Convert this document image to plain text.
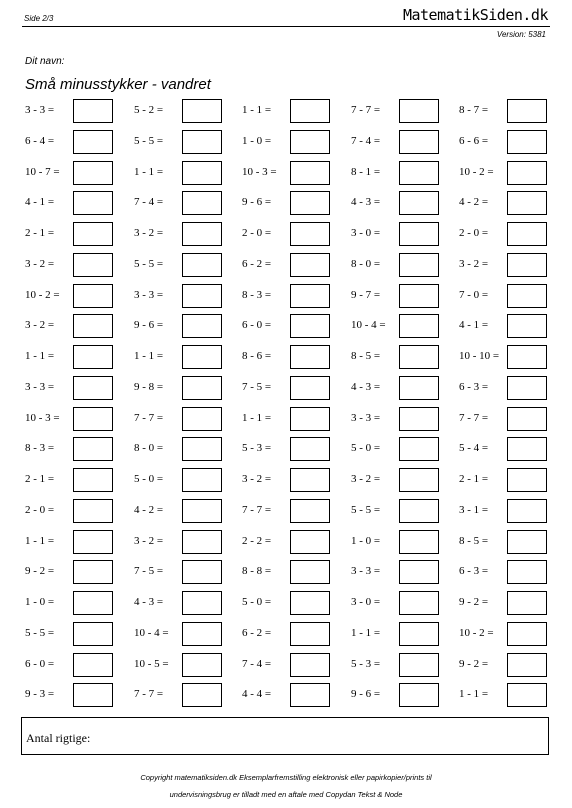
Side 2/3	MatematikSiden.dk
Version: 5381
Dit navn:
Små minusstykker - vandret
3 - 3 =	5 - 2 =	1 - 1 =	7 - 7 =	8 - 7 =
6 - 4 =	5 - 5 =	1 - 0 =	7 - 4 =	6 - 6 =
10 - 7 =	1 - 1 =	10 - 3 =	8 - 1 =	10 - 2 =
4 - 1 =	7 - 4 =	9 - 6 =	4 - 3 =	4 - 2 =
2 - 1 =	3 - 2 =	2 - 0 =	3 - 0 =	2 - 0 =
3 - 2 =	5 - 5 =	6 - 2 =	8 - 0 =	3 - 2 =
10 - 2 =	3 - 3 =	8 - 3 =	9 - 7 =	7 - 0 =
3 - 2 =	9 - 6 =	6 - 0 =	10 - 4 =	4 - 1 =
1 - 1 =	1 - 1 =	8 - 6 =	8 - 5 =	10 - 10 =
3 - 3 =	9 - 8 =	7 - 5 =	4 - 3 =	6 - 3 =
10 - 3 =	7 - 7 =	1 - 1 =	3 - 3 =	7 - 7 =
8 - 3 =	8 - 0 =	5 - 3 =	5 - 0 =	5 - 4 =
2 - 1 =	5 - 0 =	3 - 2 =	3 - 2 =	2 - 1 =
2 - 0 =	4 - 2 =	7 - 7 =	5 - 5 =	3 - 1 =
1 - 1 =	3 - 2 =	2 - 2 =	1 - 0 =	8 - 5 =
9 - 2 =	7 - 5 =	8 - 8 =	3 - 3 =	6 - 3 =
1 - 0 =	4 - 3 =	5 - 0 =	3 - 0 =	9 - 2 =
5 - 5 =	10 - 4 =	6 - 2 =	1 - 1 =	10 - 2 =
6 - 0 =	10 - 5 =	7 - 4 =	5 - 3 =	9 - 2 =
9 - 3 =	7 - 7 =	4 - 4 =	9 - 6 =	1 - 1 =
Antal rigtige:
Copyright matematiksiden.dk Eksemplarfremstilling elektronisk eller papirkopier/prints til
undervisningsbrug er tilladt med en aftale med Copydan Tekst & Node
